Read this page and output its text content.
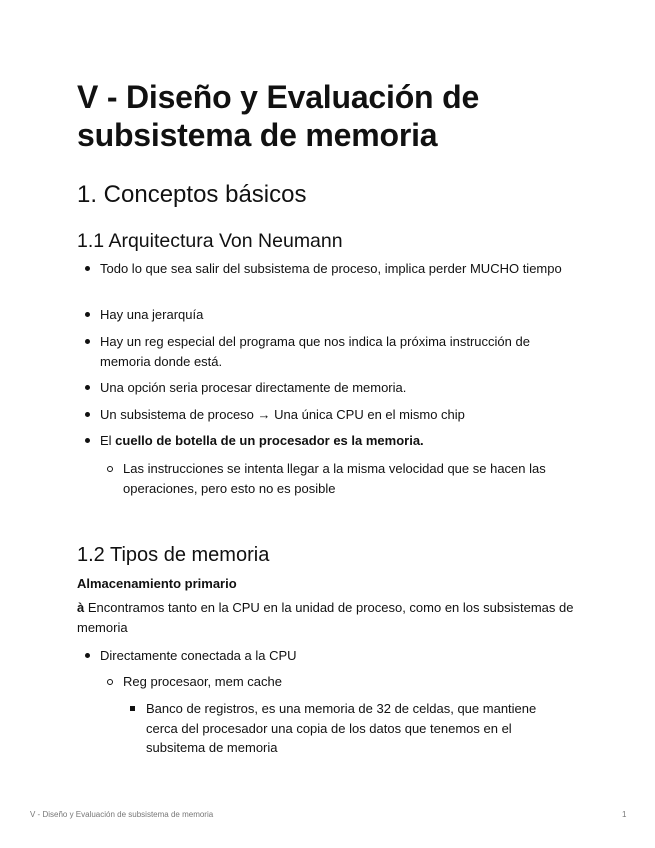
V - Diseño y Evaluación de subsistema de memoria
1. Conceptos básicos
1.1 Arquitectura Von Neumann
Todo lo que sea salir del subsistema de proceso, implica perder MUCHO tiempo
Hay una jerarquía
Hay un reg especial del programa que nos indica la próxima instrucción de memoria donde está.
Una opción seria procesar directamente de memoria.
Un subsistema de proceso → Una única CPU en el mismo chip
El cuello de botella de un procesador es la memoria.
Las instrucciones se intenta llegar a la misma velocidad que se hacen las operaciones, pero esto no es posible
1.2 Tipos de memoria
Almacenamiento primario
à Encontramos tanto en la CPU en la unidad de proceso, como en los subsistemas de memoria
Directamente conectada a la CPU
Reg procesaor, mem cache
Banco de registros, es una memoria de 32 de celdas, que mantiene cerca del procesador una copia de los datos que tenemos en el subsitema de memoria
V - Diseño y Evaluación de subsistema de memoria	1
